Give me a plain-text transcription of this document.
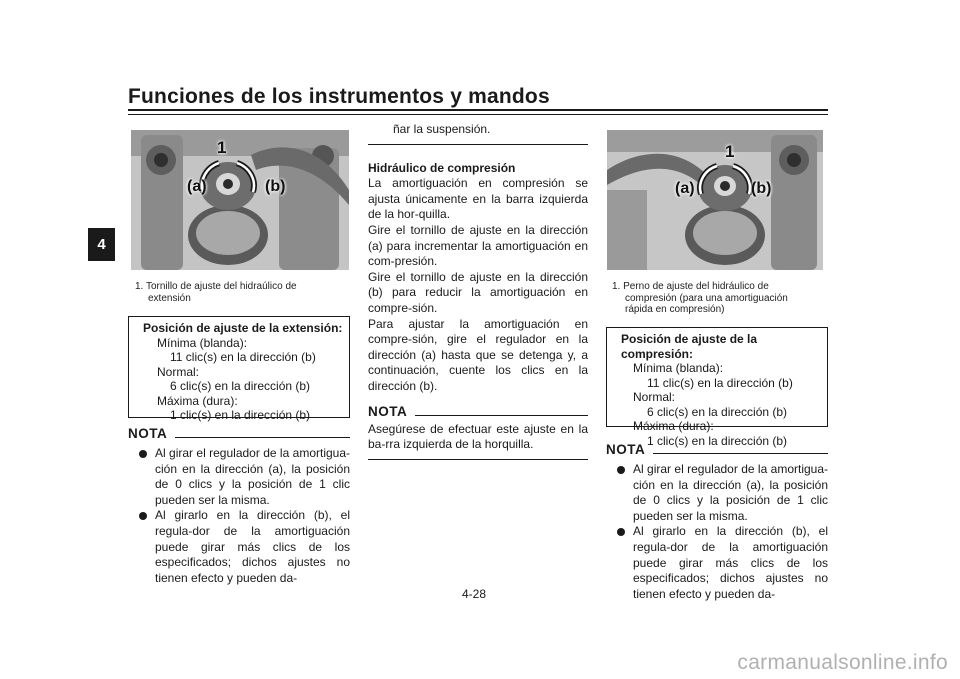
Funciones de los instrumentos y mandos
4
1
(a)	(b)
1. Tornillo de ajuste del hidraúlico de
extensión
Posición de ajuste de la extensión:
Mínima (blanda):
11 clic(s) en la dirección (b)
Normal:
6 clic(s) en la dirección (b)
Máxima (dura):
1 clic(s) en la dirección (b)
NOTA
Al girar el regulador de la amortigua-ción en la dirección (a), la posición de 0 clics y la posición de 1 clic pueden ser la misma.
Al girarlo en la dirección (b), el regula-dor de la amortiguación puede girar más clics de los especificados; dichos ajustes no tienen efecto y pueden da-
ñar la suspensión.
Hidráulico de compresión
La amortiguación en compresión se ajusta únicamente en la barra izquierda de la hor-quilla.
Gire el tornillo de ajuste en la dirección (a) para incrementar la amortiguación en com-presión.
Gire el tornillo de ajuste en la dirección (b) para reducir la amortiguación en compre-sión.
Para ajustar la amortiguación en compre-sión, gire el regulador en la dirección (a) hasta que se detenga y, a continuación, cuente los clics en la dirección (b).
NOTA
Asegúrese de efectuar este ajuste en la ba-rra izquierda de la horquilla.
1
(a)	(b)
1. Perno de ajuste del hidráulico de
compresión (para una amortiguación
rápida en compresión)
Posición de ajuste de la compresión:
Mínima (blanda):
11 clic(s) en la dirección (b)
Normal:
6 clic(s) en la dirección (b)
Máxima (dura):
1 clic(s) en la dirección (b)
NOTA
Al girar el regulador de la amortigua-ción en la dirección (a), la posición de 0 clics y la posición de 1 clic pueden ser la misma.
Al girarlo en la dirección (b), el regula-dor de la amortiguación puede girar más clics de los especificados; dichos ajustes no tienen efecto y pueden da-
4-28
carmanualsonline.info
